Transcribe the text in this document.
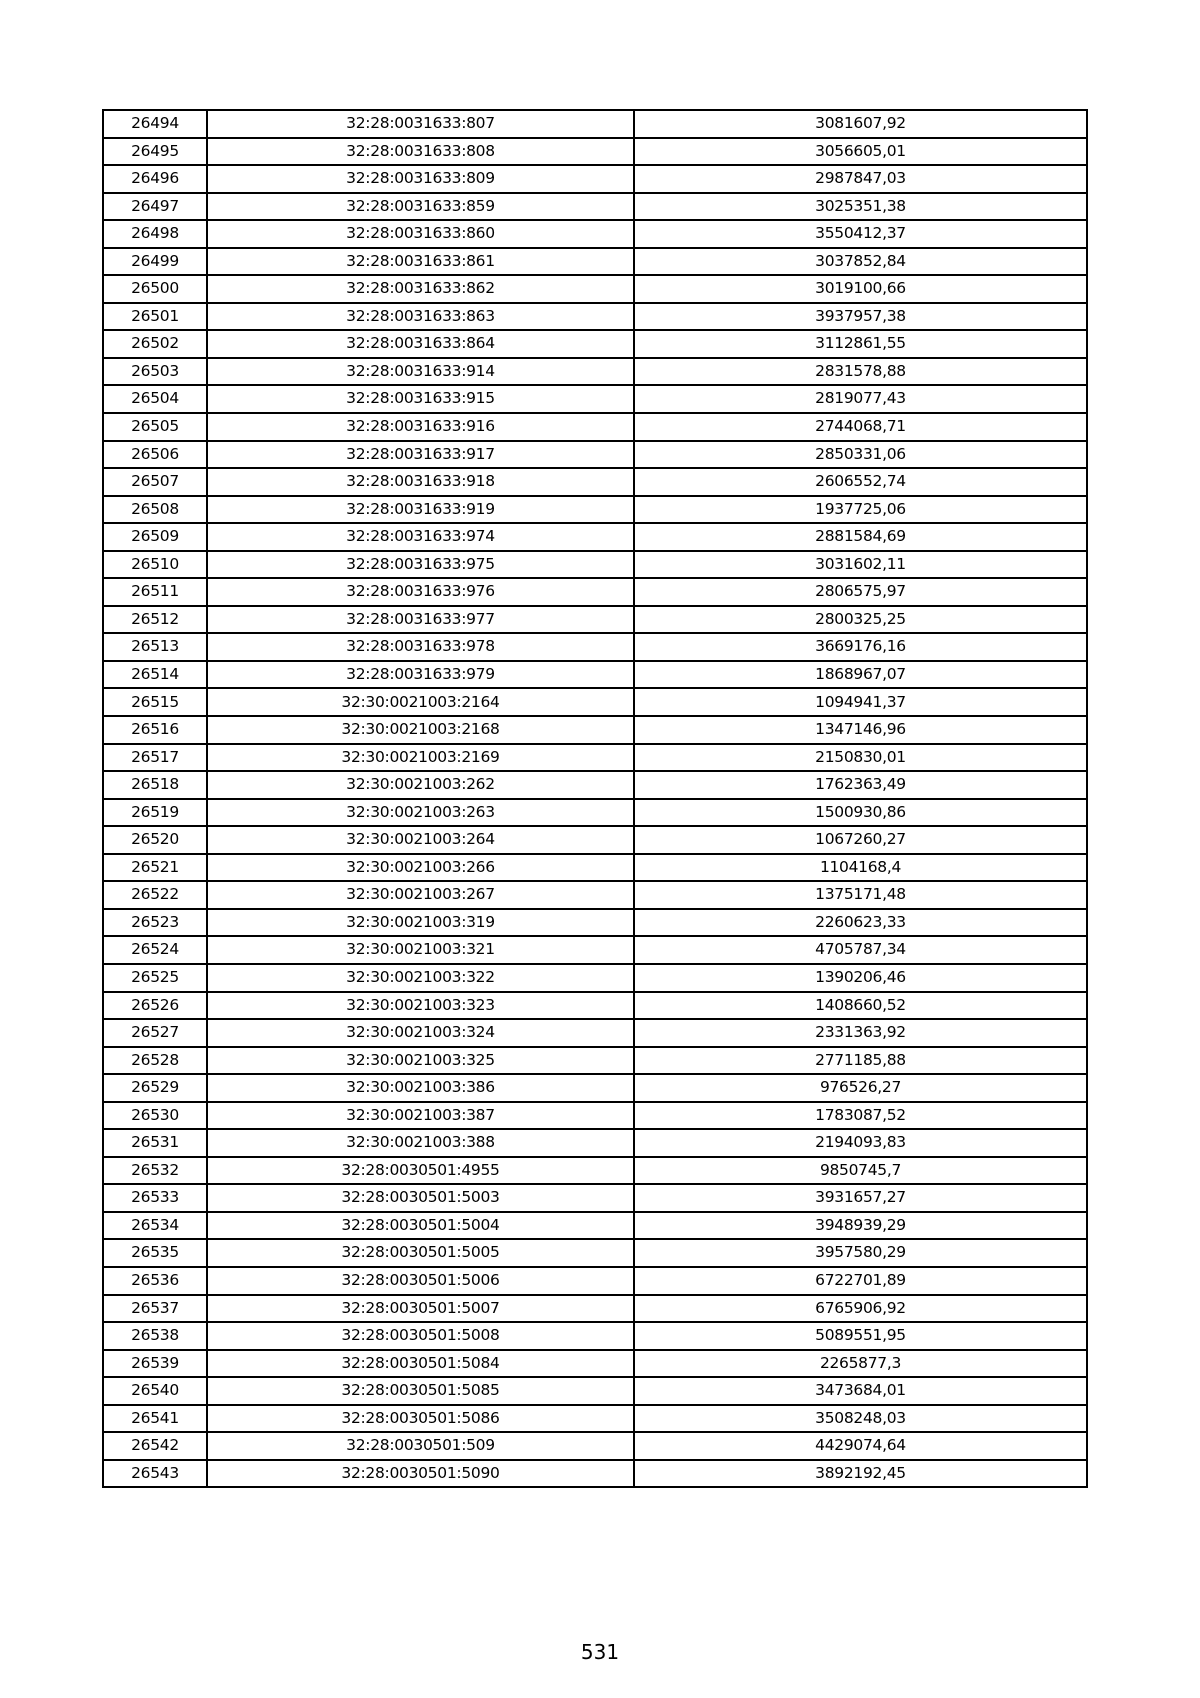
26494	32:28:0031633:807	3081607,92
26495	32:28:0031633:808	3056605,01
26496	32:28:0031633:809	2987847,03
26497	32:28:0031633:859	3025351,38
26498	32:28:0031633:860	3550412,37
26499	32:28:0031633:861	3037852,84
26500	32:28:0031633:862	3019100,66
26501	32:28:0031633:863	3937957,38
26502	32:28:0031633:864	3112861,55
26503	32:28:0031633:914	2831578,88
26504	32:28:0031633:915	2819077,43
26505	32:28:0031633:916	2744068,71
26506	32:28:0031633:917	2850331,06
26507	32:28:0031633:918	2606552,74
26508	32:28:0031633:919	1937725,06
26509	32:28:0031633:974	2881584,69
26510	32:28:0031633:975	3031602,11
26511	32:28:0031633:976	2806575,97
26512	32:28:0031633:977	2800325,25
26513	32:28:0031633:978	3669176,16
26514	32:28:0031633:979	1868967,07
26515	32:30:0021003:2164	1094941,37
26516	32:30:0021003:2168	1347146,96
26517	32:30:0021003:2169	2150830,01
26518	32:30:0021003:262	1762363,49
26519	32:30:0021003:263	1500930,86
26520	32:30:0021003:264	1067260,27
26521	32:30:0021003:266	1104168,4
26522	32:30:0021003:267	1375171,48
26523	32:30:0021003:319	2260623,33
26524	32:30:0021003:321	4705787,34
26525	32:30:0021003:322	1390206,46
26526	32:30:0021003:323	1408660,52
26527	32:30:0021003:324	2331363,92
26528	32:30:0021003:325	2771185,88
26529	32:30:0021003:386	976526,27
26530	32:30:0021003:387	1783087,52
26531	32:30:0021003:388	2194093,83
26532	32:28:0030501:4955	9850745,7
26533	32:28:0030501:5003	3931657,27
26534	32:28:0030501:5004	3948939,29
26535	32:28:0030501:5005	3957580,29
26536	32:28:0030501:5006	6722701,89
26537	32:28:0030501:5007	6765906,92
26538	32:28:0030501:5008	5089551,95
26539	32:28:0030501:5084	2265877,3
26540	32:28:0030501:5085	3473684,01
26541	32:28:0030501:5086	3508248,03
26542	32:28:0030501:509	4429074,64
26543	32:28:0030501:5090	3892192,45
531
